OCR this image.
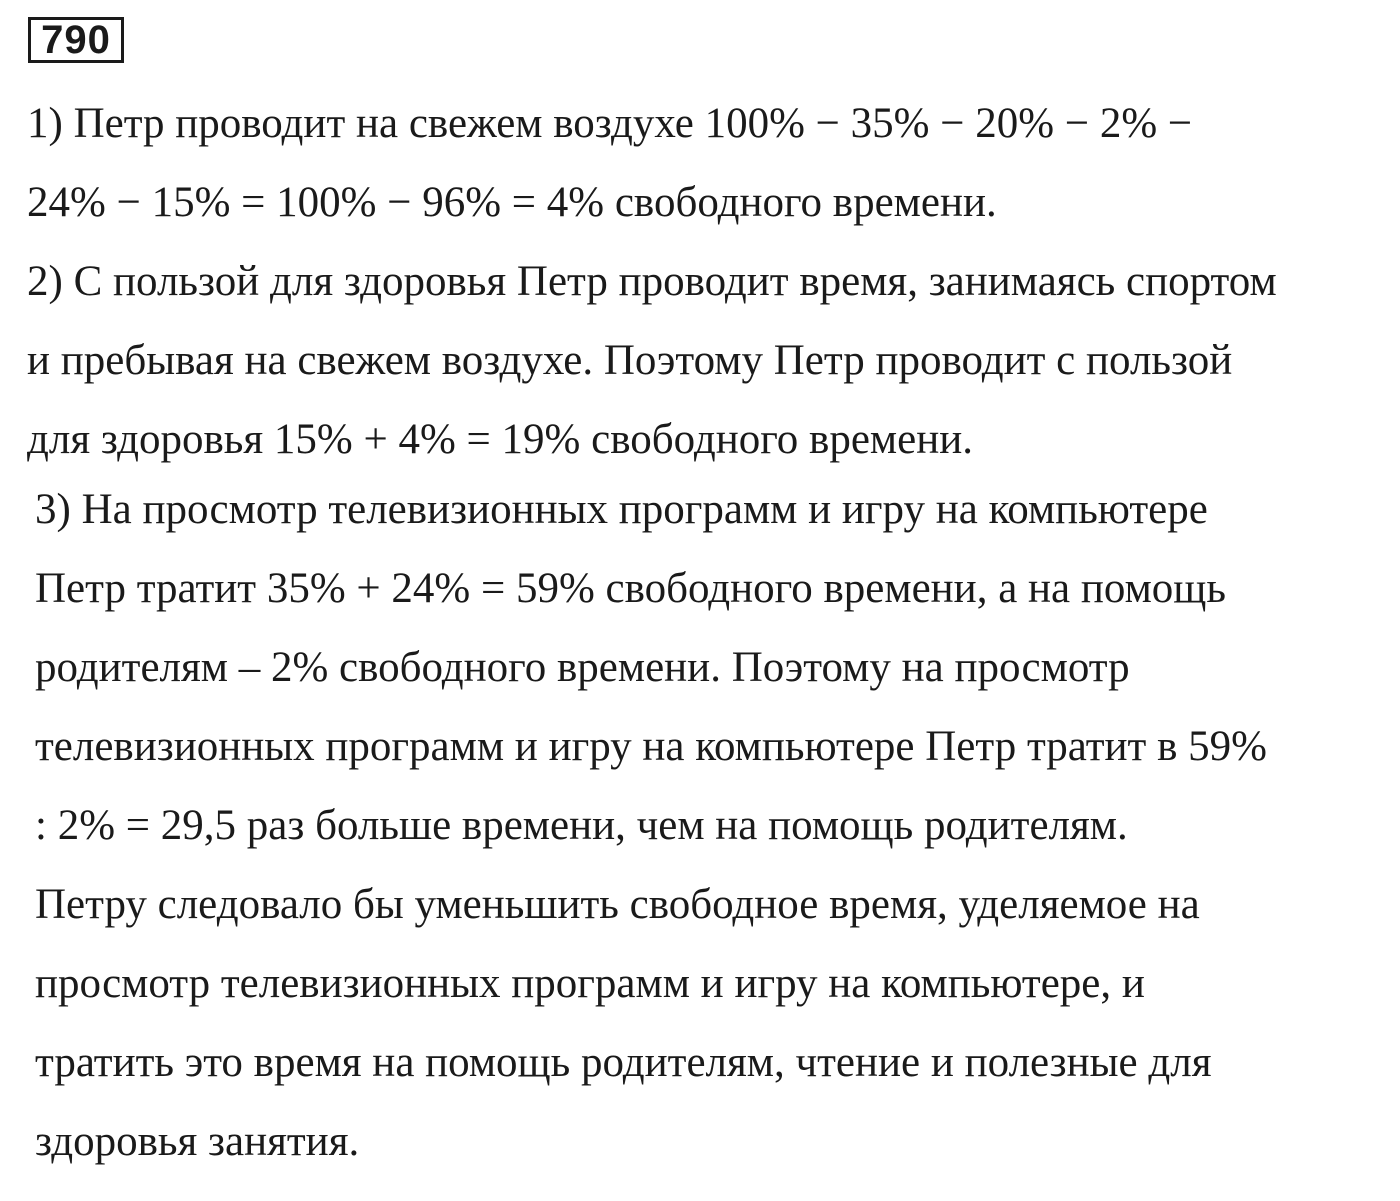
790
1) Петр проводит на свежем воздухе 100% − 35% − 20% − 2% −
24% − 15% = 100% − 96% = 4% свободного времени.
2) С пользой для здоровья Петр проводит время, занимаясь спортом
и пребывая на свежем воздухе. Поэтому Петр проводит с пользой
для здоровья 15% + 4% = 19% свободного времени.
3) На просмотр телевизионных программ и игру на компьютере
Петр тратит 35% + 24% = 59% свободного времени, а на помощь
родителям – 2% свободного времени. Поэтому на просмотр
телевизионных программ и игру на компьютере Петр тратит в 59%
: 2% = 29,5 раз больше времени, чем на помощь родителям.
Петру следовало бы уменьшить свободное время, уделяемое на
просмотр телевизионных программ и игру на компьютере, и
тратить это время на помощь родителям, чтение и полезные для
здоровья занятия.
